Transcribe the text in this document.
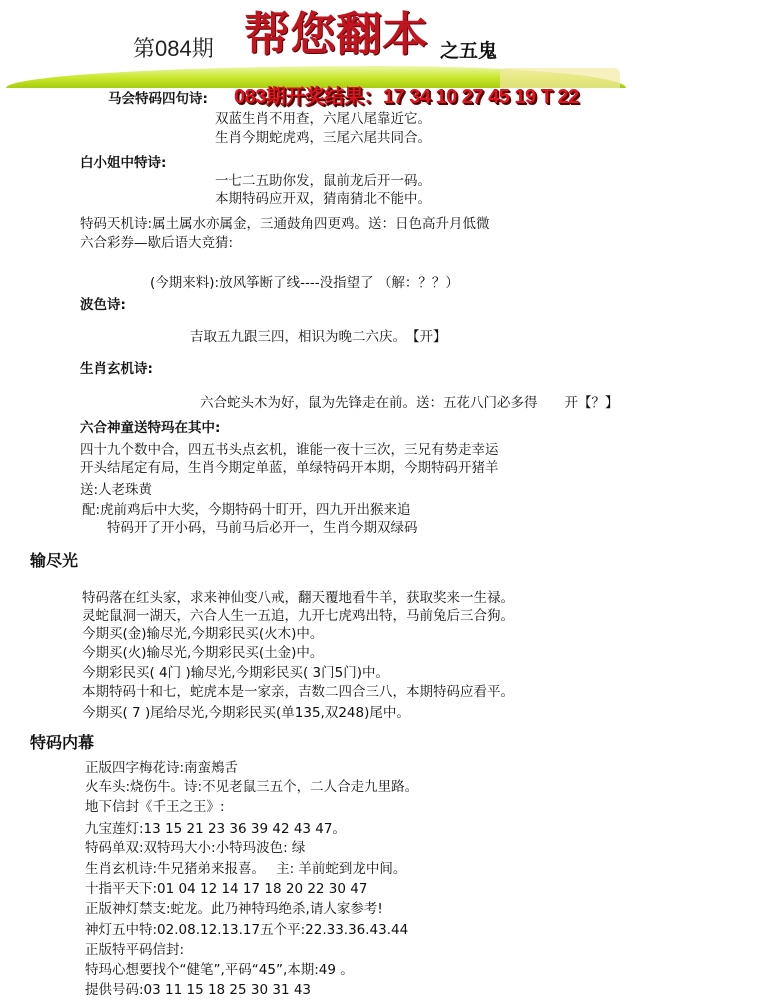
第084期 帮您翻本 之五鬼
马会特码四句诗: 083期开奖结果：17 34 10 27 45 19 T 22
双蓝生肖不用查，六尾八尾靠近它。
生肖今期蛇虎鸡，三尾六尾共同合。
白小姐中特诗:
一七二五助你发，鼠前龙后开一码。
本期特码应开双，猜南猜北不能中。
特码天机诗:属土属水亦属金，三通鼓角四更鸡。送：日色高升月低微
六合彩券—歇后语大竞猜:
(今期来料):放风筝断了线----没指望了 （解：？？）
波色诗:
吉取五九跟三四，相识为晚二六庆。　【开】
生肖玄机诗:
六合蛇头木为好，鼠为先锋走在前。送：五花八门必多得　　开【？】
六合神童送特玛在其中:
四十九个数中合，四五书头点玄机，谁能一夜十三次，三兄有势走幸运
开头结尾定有局，生肖今期定单蓝，单绿特码开本期，今期特码开猪羊
送:人老珠黄
配:虎前鸡后中大奖，今期特码十盯开，四九开出猴来追
特码开了开小码，马前马后必开一，生肖今期双绿码
输尽光
特码落在红头家，求来神仙变八戒，翻天覆地看牛羊，获取奖来一生禄。
灵蛇鼠洞一湖天，六合人生一五追，九开七虎鸡出特，马前兔后三合狗。
今期买(金)输尽光,今期彩民买(火木)中。
今期买(火)输尽光,今期彩民买(土金)中。
今期彩民买( 4门 )输尽光,今期彩民买( 3门5门)中。
本期特码十和七，蛇虎本是一家亲，吉数二四合三八，本期特码应看平。
今期买( 7 )尾给尽光,今期彩民买(单135,双248)尾中。
特码内幕
正版四字梅花诗:南蛮鴂舌
火车头:烧伤牛。诗:不见老鼠三五个，二人合走九里路。
地下信封《千王之王》:
九宝莲灯:13 15 21 23 36 39 42 43 47。
特码单双:双特玛大小:小特玛波色: 绿
生肖玄机诗:牛兄猪弟来报喜。　 主: 羊前蛇到龙中间。
十指平天下:01 04 12 14 17 18 20 22 30 47
正版神灯禁支:蛇龙。此乃神特玛绝杀,请人家参考!
神灯五中特:02.08.12.13.17五个平:22.33.36.43.44
正版特平码信封:
特玛心想要找个“健笔”,平码“45”,本期:49 。
提供号码:03 11 15 18 25 30 31 43
